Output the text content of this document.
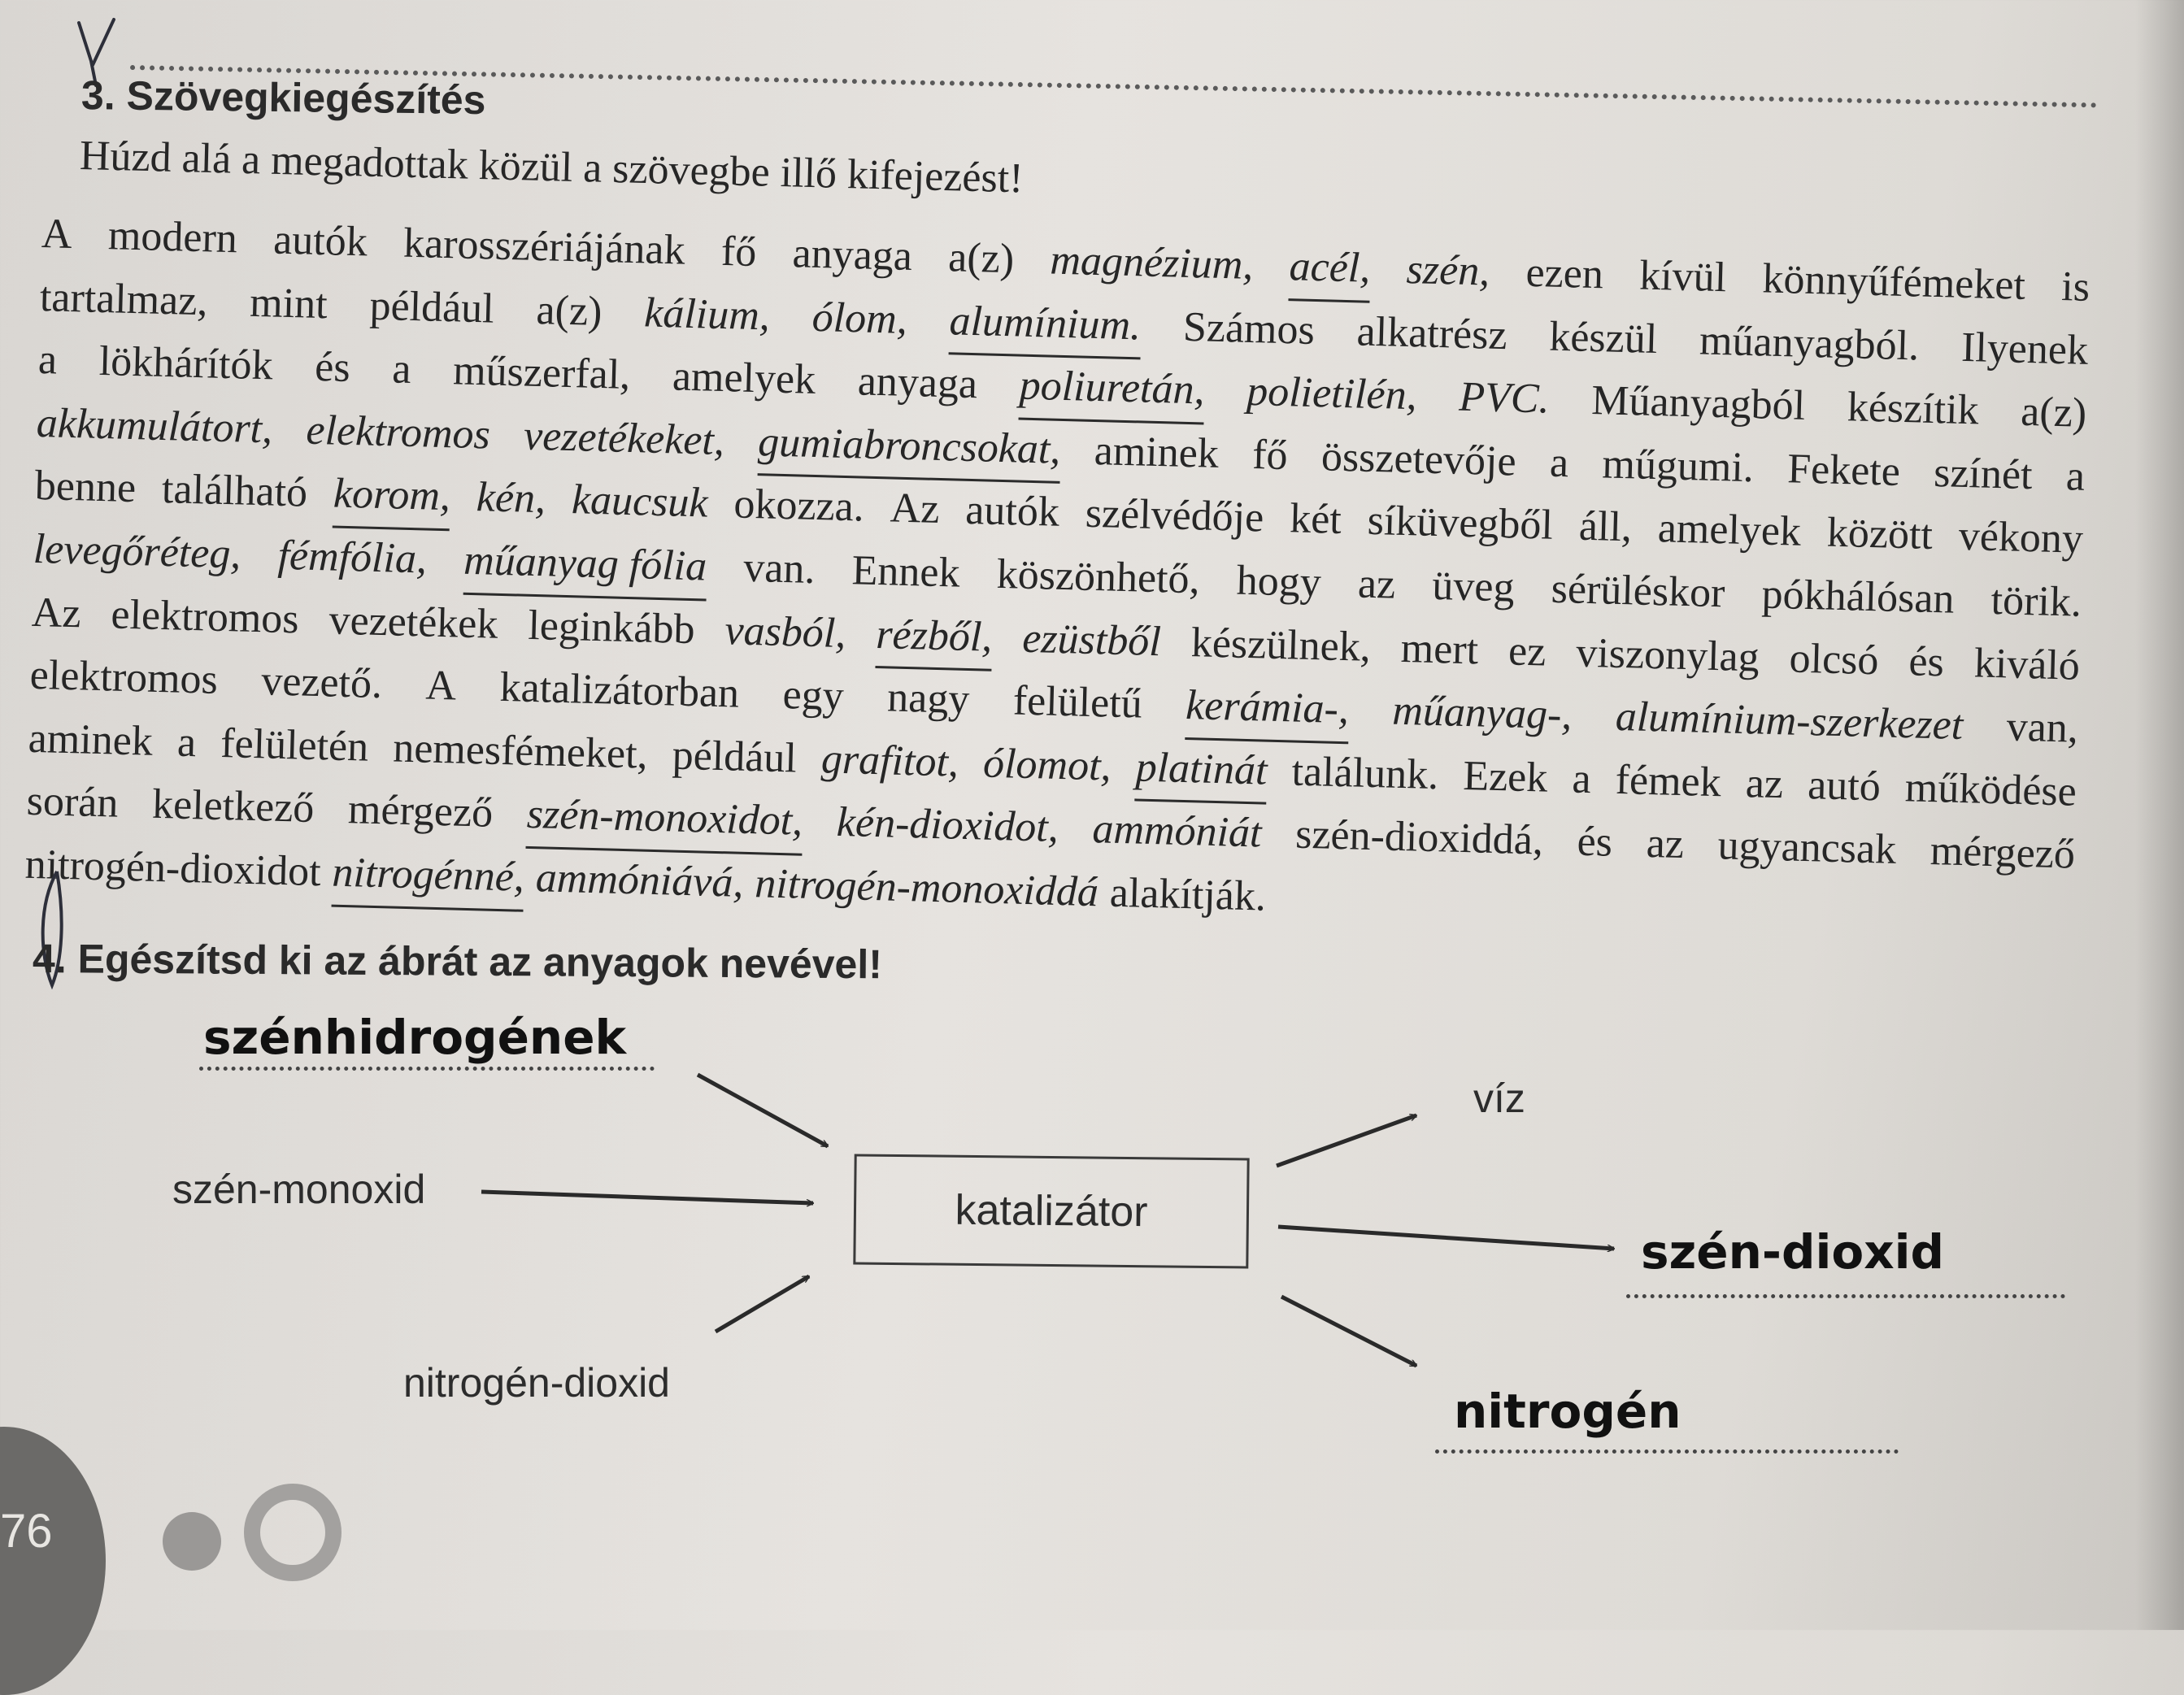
3. Szövegkiegészítés
Húzd alá a megadottak közül a szövegbe illő kifejezést!
A modern autók karosszériájának fő anyaga a(z) magnézium, acél, szén, ezen kívül könnyűfémeket is
tartalmaz, mint például a(z) kálium, ólom, alumínium. Számos alkatrész készül műanyagból. Ilyenek
a lökhárítók és a műszerfal, amelyek anyaga poliuretán, polietilén, PVC. Műanyagból készítik a(z)
akkumulátort, elektromos vezetékeket, gumiabroncsokat, aminek fő összetevője a műgumi. Fekete színét a
benne található korom, kén, kaucsuk okozza. Az autók szélvédője két síküvegből áll, amelyek között vékony
levegőréteg, fémfólia, műanyag fólia van. Ennek köszönhető, hogy az üveg sérüléskor pókhálósan törik.
Az elektromos vezetékek leginkább vasból, rézből, ezüstből készülnek, mert ez viszonylag olcsó és kiváló
elektromos vezető. A katalizátorban egy nagy felületű kerámia-, műanyag-, alumínium-szerkezet van,
aminek a felületén nemesfémeket, például grafitot, ólomot, platinát találunk. Ezek a fémek az autó működése
során keletkező mérgező szén-monoxidot, kén-dioxidot, ammóniát szén-dioxiddá, és az ugyancsak mérgező
nitrogén-dioxidot nitrogénné, ammóniává, nitrogén-monoxiddá alakítják.
4. Egészítsd ki az ábrát az anyagok nevével!
szénhidrogének
szén-monoxid
nitrogén-dioxid
katalizátor
víz
szén-dioxid
nitrogén
76
